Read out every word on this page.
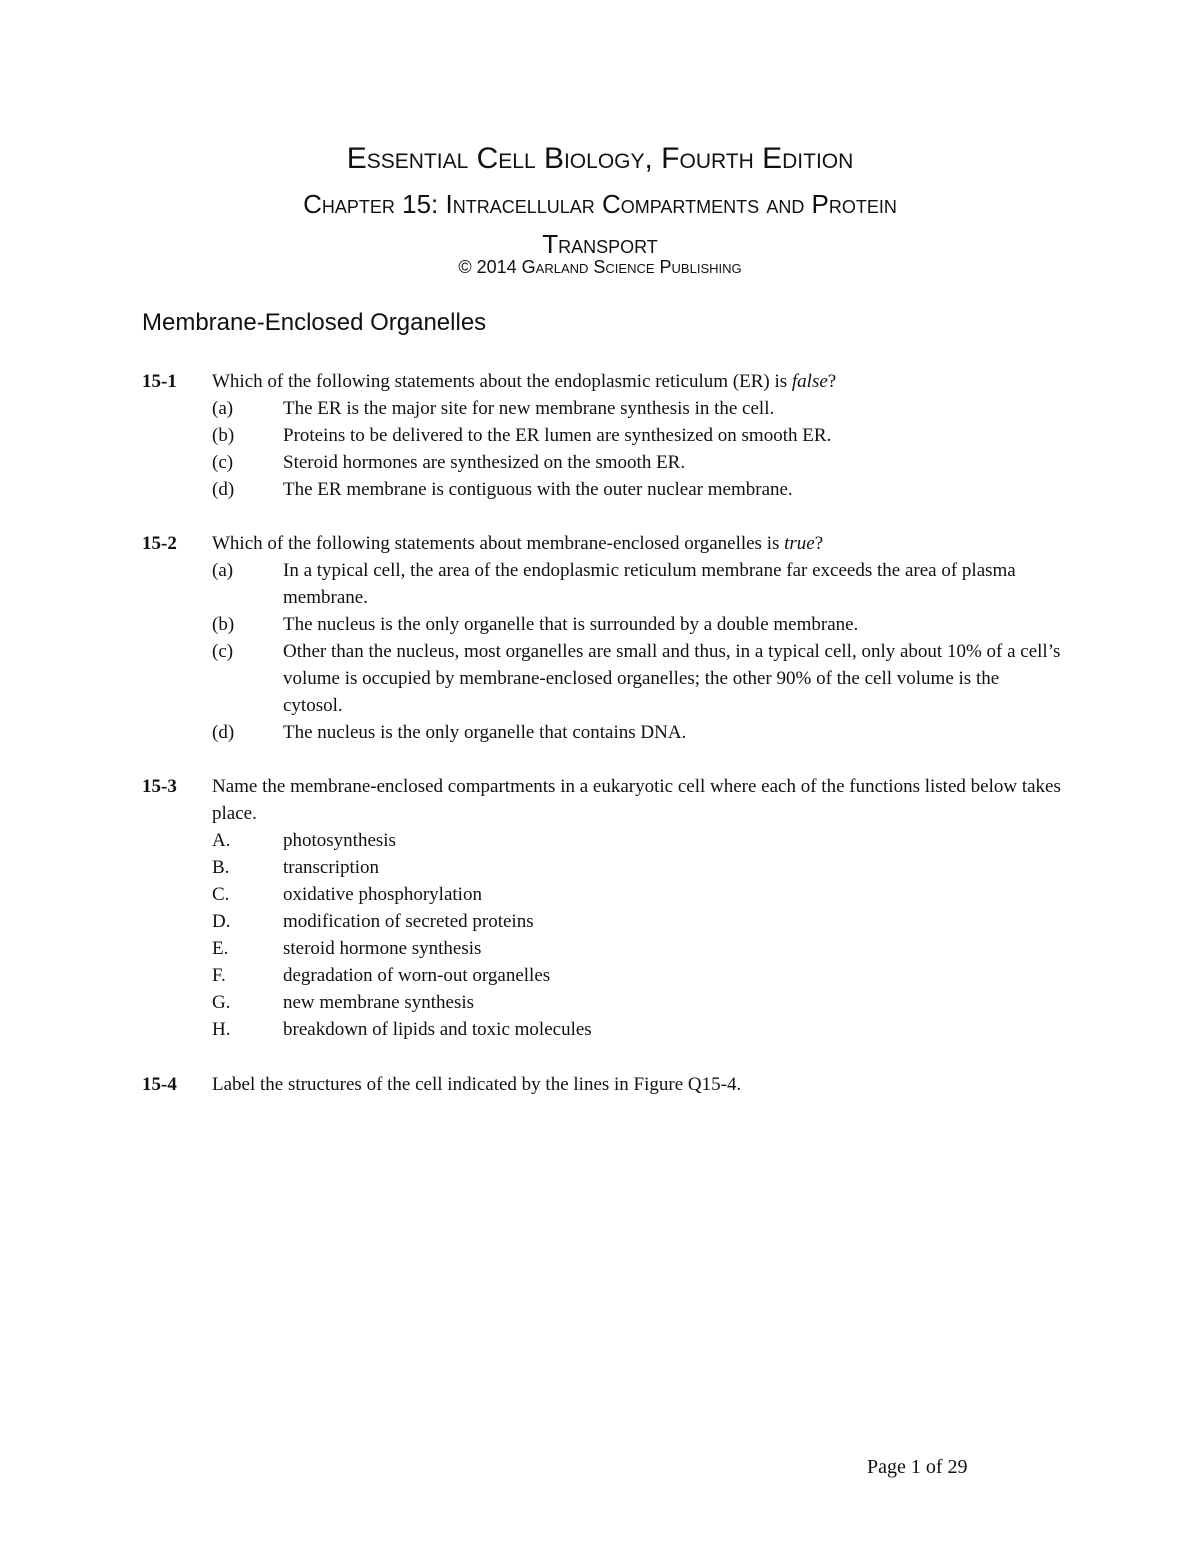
Essential Cell Biology, Fourth Edition
Chapter 15: Intracellular Compartments and Protein
Transport
© 2014 Garland Science Publishing
Membrane-Enclosed Organelles
15-1	Which of the following statements about the endoplasmic reticulum (ER) is false?
(a)	The ER is the major site for new membrane synthesis in the cell.
(b)	Proteins to be delivered to the ER lumen are synthesized on smooth ER.
(c)	Steroid hormones are synthesized on the smooth ER.
(d)	The ER membrane is contiguous with the outer nuclear membrane.
15-2	Which of the following statements about membrane-enclosed organelles is true?
(a)	In a typical cell, the area of the endoplasmic reticulum membrane far exceeds the area of plasma membrane.
(b)	The nucleus is the only organelle that is surrounded by a double membrane.
(c)	Other than the nucleus, most organelles are small and thus, in a typical cell, only about 10% of a cell’s volume is occupied by membrane-enclosed organelles; the other 90% of the cell volume is the cytosol.
(d)	The nucleus is the only organelle that contains DNA.
15-3	Name the membrane-enclosed compartments in a eukaryotic cell where each of the functions listed below takes place.
A.	photosynthesis
B.	transcription
C.	oxidative phosphorylation
D.	modification of secreted proteins
E.	steroid hormone synthesis
F.	degradation of worn-out organelles
G.	new membrane synthesis
H.	breakdown of lipids and toxic molecules
15-4	Label the structures of the cell indicated by the lines in Figure Q15-4.
Page 1 of 29
